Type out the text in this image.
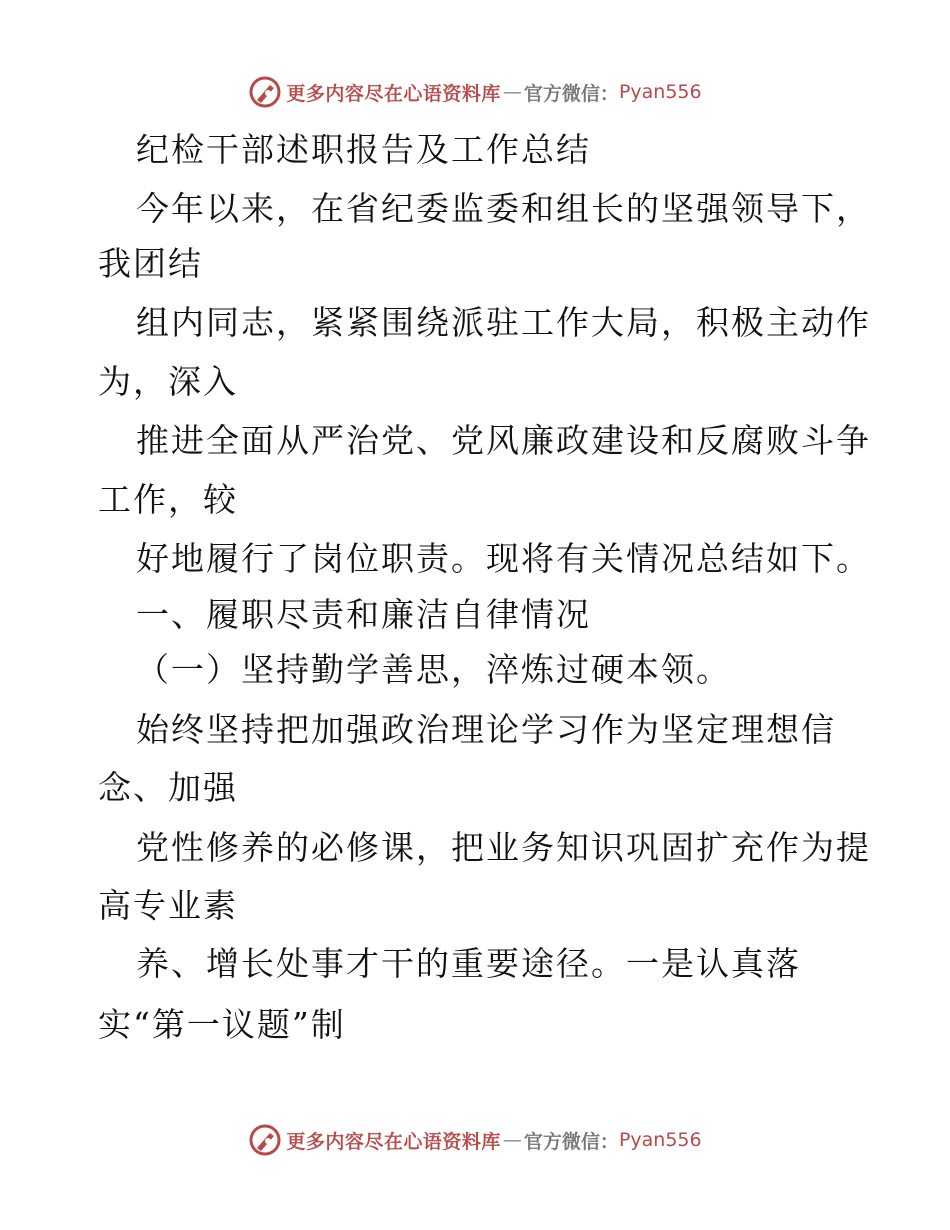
更多内容尽在心语资料库 — 官方微信： Pyan556
纪检干部述职报告及工作总结
今年以来，在省纪委监委和组长的坚强领导下，
我团结
组内同志，紧紧围绕派驻工作大局，积极主动作
为，深入
推进全面从严治党、党风廉政建设和反腐败斗争
工作，较
好地履行了岗位职责。现将有关情况总结如下。
一、履职尽责和廉洁自律情况
（一）坚持勤学善思，淬炼过硬本领。
始终坚持把加强政治理论学习作为坚定理想信
念、加强
党性修养的必修课，把业务知识巩固扩充作为提
高专业素
养、增长处事才干的重要途径。一是认真落
实“第一议题”制
更多内容尽在心语资料库 — 官方微信： Pyan556
